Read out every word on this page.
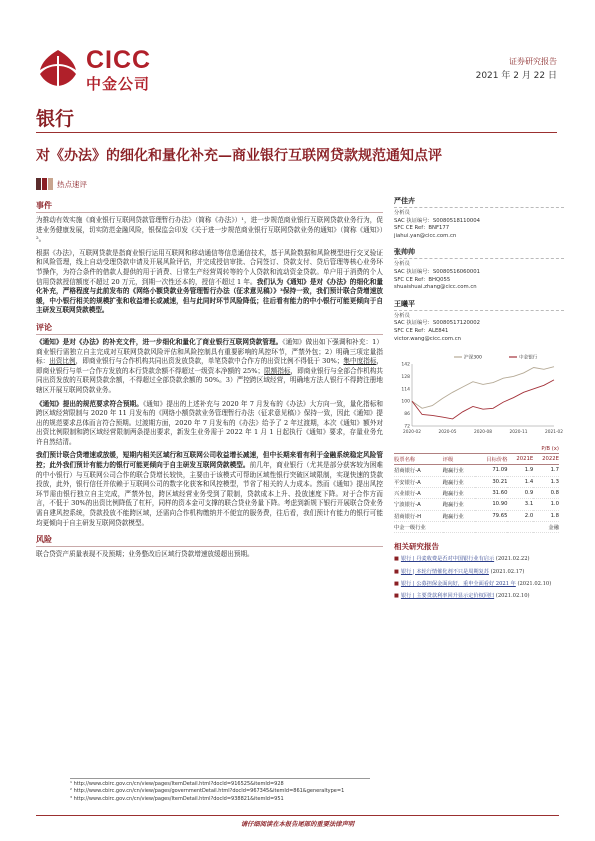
CICC
中金公司
证券研究报告
2021 年 2 月 22 日
银行
对《办法》的细化和量化补充—商业银行互联网贷款规范通知点评
热点速评
事件

为推动有效实施《商业银行互联网贷款管理暂行办法》（简称《办法》）¹，进一步规范商业银行互联网贷款业务行为，促进业务健康发展，切实防范金融风险，银保监会印发《关于进一步规范商业银行互联网贷款业务的通知》（简称《通知》）²。

根据《办法》，互联网贷款是指商业银行运用互联网和移动通信等信息通信技术，基于风险数据和风险模型进行交叉验证和风险管理，线上自动受理贷款申请及开展风险评估，并完成授信审批、合同签订、贷款支付、贷后管理等核心业务环节操作，为符合条件的借款人提供的用于消费、日常生产经营周转等的个人贷款和流动资金贷款。单户用于消费的个人信用贷款授信额度不超过 20 万元，到期一次性还本的，授信不超过 1 年。我们认为《通知》是对《办法》的细化和量化补充，严格程度与此前发布的《网络小额贷款业务管理暂行办法（征求意见稿）》³保持一致，我们预计联合贷增速放缓，中小银行相关的规模扩张和收益增长或减速，但与此同时环节风险降低；往后看有能力的中小银行可能更倾向于自主研发互联网贷款模型。

评论

《通知》是对《办法》的补充文件，进一步细化和量化了商业银行互联网贷款管理。《通知》做出如下强调和补充：1）商业银行需独立自主完成对互联网贷款风险评估和风险控制具有重要影响的风控环节，严禁外包；2）明确三项定量指标：出资比例，即商业银行与合作机构共同出资发放贷款，单笔贷款中合作方的出资比例不得低于 30%；集中度指标，即商业银行与单一合作方发放的本行贷款余额不得超过一级资本净额的 25%；限额指标，即商业银行与全部合作机构共同出资发放的互联网贷款余额，不得超过全部贷款余额的 50%。3）严控跨区域经营，明确地方法人银行不得跨注册地辖区开展互联网贷款业务。

《通知》提出的规范要求符合预期。《通知》提出的上述补充与 2020 年 7 月发布的《办法》大方向一致，量化指标和跨区域经营限制与 2020 年 11 月发布的《网络小额贷款业务管理暂行办法（征求意见稿）》保持一致，因此《通知》提出的规范要求总体而言符合预期。过渡期方面，2020 年 7 月发布的《办法》给予了 2 年过渡期，本次《通知》额外对出资比例限制和跨区域经营限制两条提出要求，新发生业务需于 2022 年 1 月 1 日起执行《通知》要求，存量业务允许自然结清。

我们预计联合贷增速或放缓，短期内相关区域行和互联网公司收益增长减速，但中长期来看有利于金融系统稳定风险管控；此外我们预计有能力的银行可能更倾向于自主研发互联网贷款模型。前几年，商业银行（尤其是部分获客较为困难的中小银行）与互联网公司合作的联合贷增长较快，主要由于该模式可帮助区域性银行突破区域限制，实现快速的贷款投放，此外，银行信任并依赖于互联网公司的数字化获客和风控模型，节省了相关的人力成本。然而《通知》提出风控环节需由银行独立自主完成，严禁外包，跨区域经营业务受到了限制，贷款成本上升、投放速度下降。对于合作方而言，不低于 30%的出资比例降低了杠杆，同样的资本金可支撑的联合贷业务量下降。考虑到新规下银行开展联合贷业务需自建风控系统，贷款投放不能跨区域，还需向合作机构缴纳并不便宜的服务费，往后看，我们预计有能力的银行可能均更倾向于自主研发互联网贷款模型。

风险

联合贷资产质量表现不及预期；业务整改后区域行贷款增速放缓超出预期。

严佳卉
分析员
SAC 执证编号：S0080518110004
SFC CE Ref：BNF177
jiahui.yan@cicc.com.cn
张帅帅
分析员
SAC 执证编号：S0080516060001
SFC CE Ref：BHQ055
shuaishuai.zhang@cicc.com.cn
王曦平
分析员
SAC 执证编号：S0080517120002
SFC CE Ref：ALE841
victor.wang@cicc.com.cn
72
86
100
114
128
142
2020-02	2020-05	2020-08	2020-11	2021-02
沪深300	中金银行
			P/B (x)	
股票名称	评级	目标价格	2021E	2022E
招商银行-A	跑赢行业	71.09	1.9	1.7
平安银行-A	跑赢行业	30.21	1.4	1.3
兴业银行-A	跑赢行业	31.60	0.9	0.8
宁波银行-A	跑赢行业	10.90	3.1	1.0
招商银行-H	跑赢行业	79.65	2.0	1.8
中金一级行业				金融
相关研究报告
■ 银行 | 丹麦收费是否对中国银行业有启示 (2021.02.22)
■ 银行 | 本轮行情催化剂不只是周期复苏 (2021.02.17)
■ 银行 | 公募担保金面向好，重申全面看好 2021 年 (2021.02.10)
■ 银行 | 主要贷款利率回升显示定价权回归 (2021.02.10)
¹ http://www.cbirc.gov.cn/cn/view/pages/ItemDetail.html?docId=916525&itemId=928
² http://www.cbirc.gov.cn/cn/view/pages/governmentDetail.html?docId=967345&itemId=861&generaltype=1
³ http://www.cbirc.gov.cn/cn/view/pages/ItemDetail.html?docId=938821&itemId=951
请仔细阅读在本报告尾部的重要法律声明
